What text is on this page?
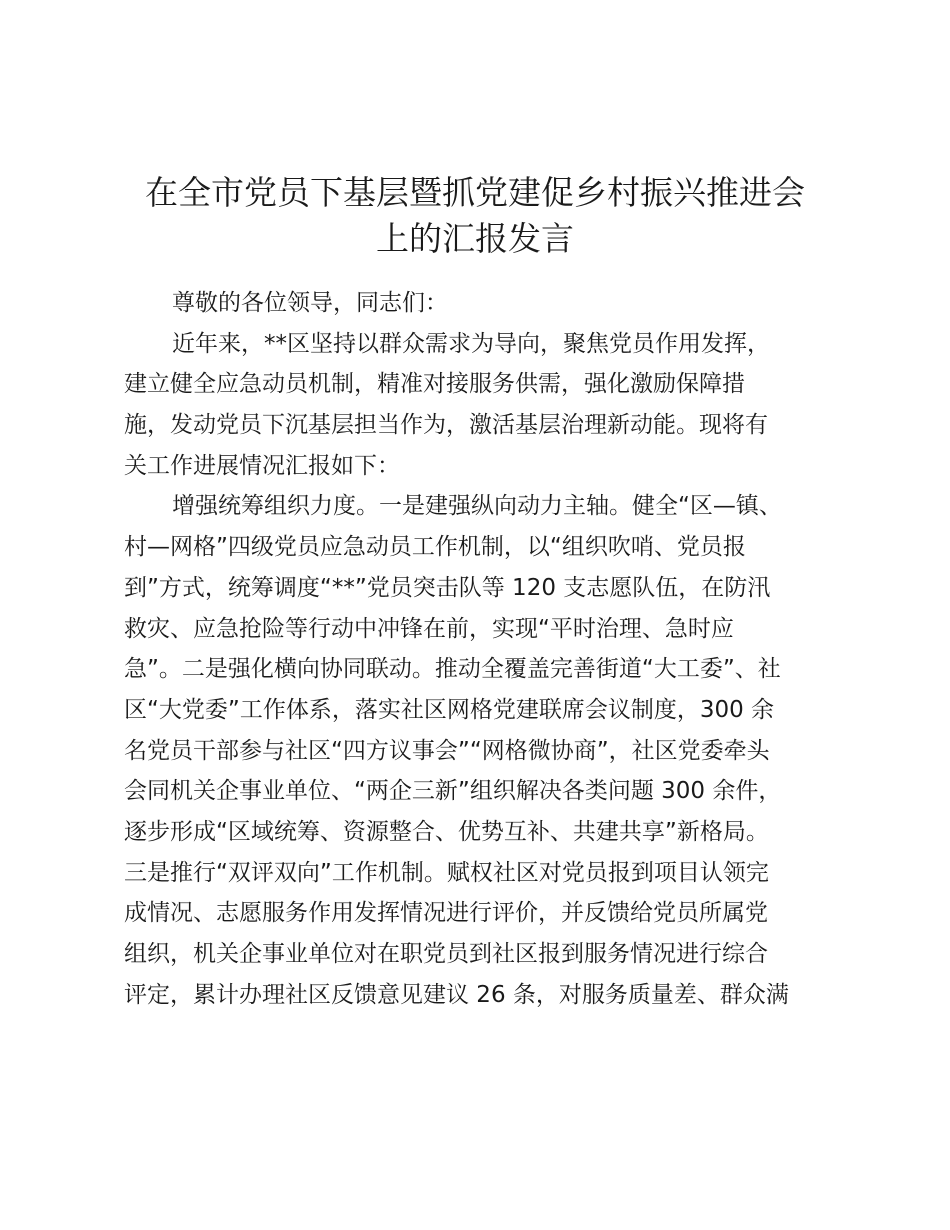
在全市党员下基层暨抓党建促乡村振兴推进会
上的汇报发言
尊敬的各位领导，同志们：
近年来，**区坚持以群众需求为导向，聚焦党员作用发挥，
建立健全应急动员机制，精准对接服务供需，强化激励保障措
施，发动党员下沉基层担当作为，激活基层治理新动能。现将有
关工作进展情况汇报如下：
增强统筹组织力度。一是建强纵向动力主轴。健全“区—镇、
村—网格”四级党员应急动员工作机制，以“组织吹哨、党员报
到”方式，统筹调度“**”党员突击队等 120 支志愿队伍，在防汛
救灾、应急抢险等行动中冲锋在前，实现“平时治理、急时应
急”。二是强化横向协同联动。推动全覆盖完善街道“大工委”、社
区“大党委”工作体系，落实社区网格党建联席会议制度，300 余
名党员干部参与社区“四方议事会”“网格微协商”，社区党委牵头
会同机关企事业单位、“两企三新”组织解决各类问题 300 余件，
逐步形成“区域统筹、资源整合、优势互补、共建共享”新格局。
三是推行“双评双向”工作机制。赋权社区对党员报到项目认领完
成情况、志愿服务作用发挥情况进行评价，并反馈给党员所属党
组织，机关企事业单位对在职党员到社区报到服务情况进行综合
评定，累计办理社区反馈意见建议 26 条，对服务质量差、群众满
